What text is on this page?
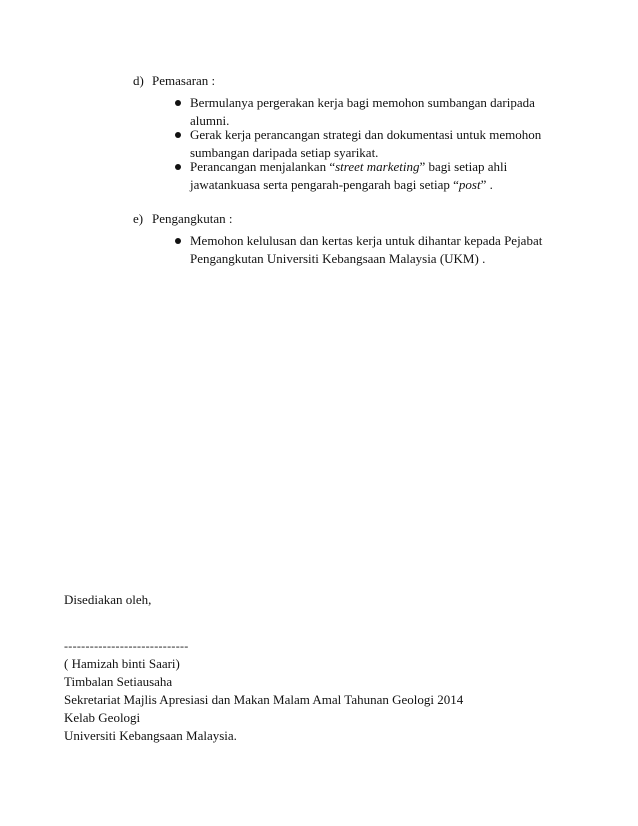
d) Pemasaran :
Bermulanya pergerakan kerja bagi memohon sumbangan daripada
alumni.
Gerak kerja perancangan strategi dan dokumentasi untuk memohon
sumbangan daripada setiap syarikat.
Perancangan menjalankan “street marketing” bagi setiap ahli
jawatankuasa serta pengarah-pengarah bagi setiap “post” .
e) Pengangkutan :
Memohon kelulusan dan kertas kerja untuk dihantar kepada Pejabat
Pengangkutan Universiti Kebangsaan Malaysia (UKM) .
Disediakan oleh,
-----------------------------
( Hamizah binti Saari)
Timbalan Setiausaha
Sekretariat Majlis Apresiasi dan Makan Malam Amal Tahunan Geologi 2014
Kelab Geologi
Universiti Kebangsaan Malaysia.
